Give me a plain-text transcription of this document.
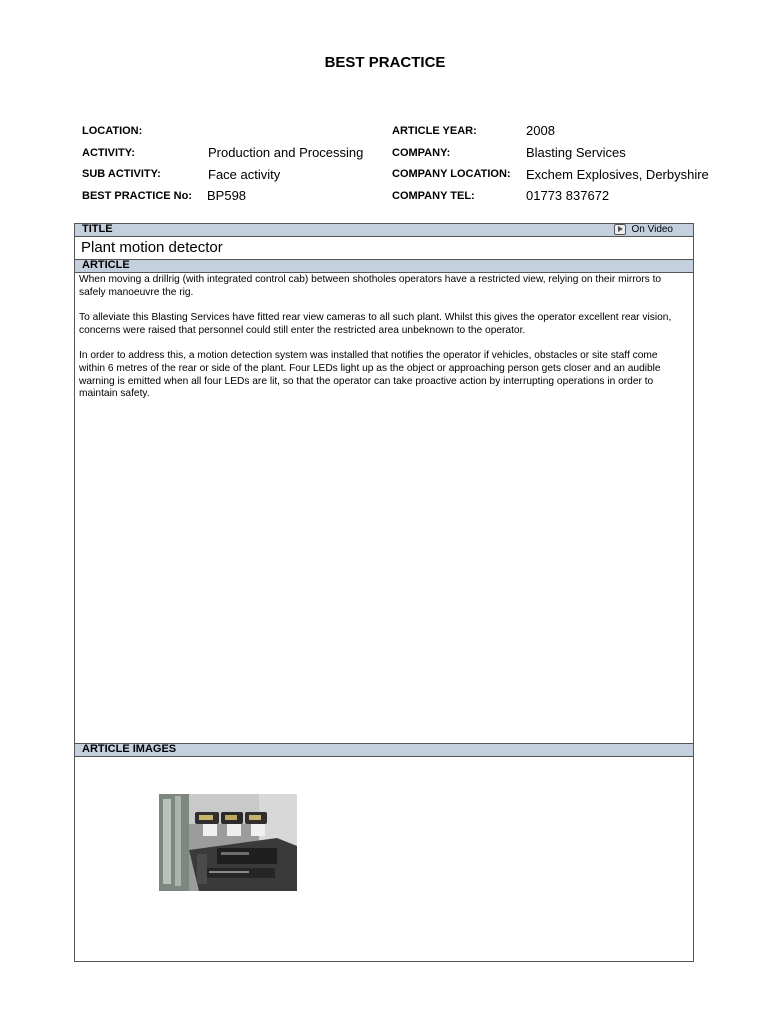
BEST PRACTICE
LOCATION:
ACTIVITY:	Production and Processing
SUB ACTIVITY:	Face activity
BEST PRACTICE No: BP598
ARTICLE YEAR:	2008
COMPANY:	Blasting Services
COMPANY LOCATION: Exchem Explosives, Derbyshire
COMPANY TEL:	01773 837672
TITLE	On Video
Plant motion detector
ARTICLE

When moving a drillrig (with integrated control cab) between shotholes operators have a restricted view, relying on their mirrors to safely manoeuvre the rig.

To alleviate this Blasting Services have fitted rear view cameras to all such plant. Whilst this gives the operator excellent rear vision, concerns were raised that personnel could still enter the restricted area unbeknown to the operator.

In order to address this, a motion detection system was installed that notifies the operator if vehicles, obstacles or site staff come within 6 metres of the rear or side of the plant. Four LEDs light up as the object or approaching person gets closer and an audible warning is emitted when all four LEDs are lit, so that the operator can take proactive action by interrupting operations in order to maintain safety.

ARTICLE IMAGES
